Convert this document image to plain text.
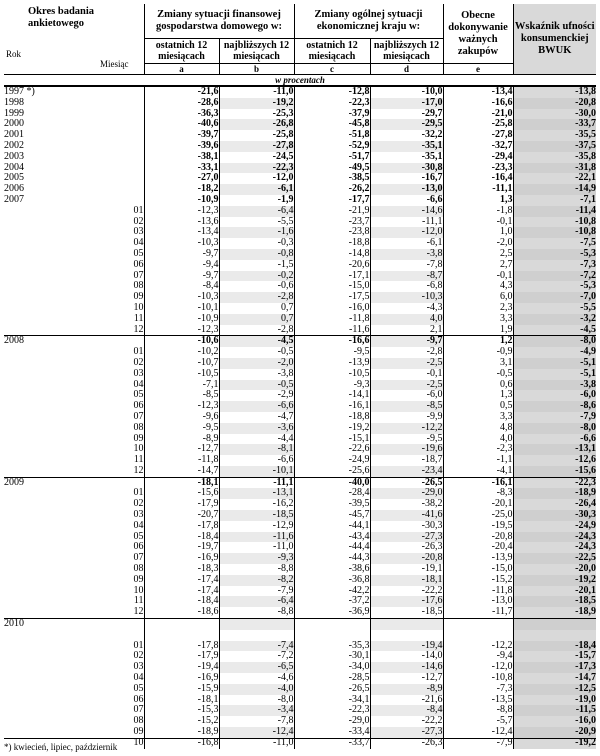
Okres badania ankietowego
Rok
Miesiąc	Zmiany sytuacji finansowej gospodarstwa domowego w:		Zmiany ogólnej sytuacji ekonomicznej kraju w:		Obecne dokonywanie ważnych zakupów	Wskaźnik ufności konsumenckiej BWUK
	ostatnich 12 miesiącach	najbliższych 12 miesiącach	ostatnich 12 miesiącach	najbliższych 12 miesiącach		
	a	b	c	d	e	
w procentach						
1997 *)	-21,6	-11,0	-12,8	-10,0	-13,4	-13,8
1998	-28,6	-19,2	-22,3	-17,0	-16,6	-20,8
1999	-36,3	-25,3	-37,9	-29,7	-21,0	-30,0
2000	-40,6	-26,8	-45,8	-29,5	-25,8	-33,7
2001	-39,7	-25,8	-51,8	-32,2	-27,8	-35,5
2002	-39,6	-27,8	-52,9	-35,1	-32,7	-37,5
2003	-38,1	-24,5	-51,7	-35,1	-29,4	-35,8
2004	-33,1	-22,3	-49,5	-30,8	-23,3	-31,8
2005	-27,0	-12,0	-38,5	-16,7	-16,4	-22,1
2006	-18,2	-6,1	-26,2	-13,0	-11,1	-14,9
2007	-10,9	-1,9	-17,7	-6,6	1,3	-7,1
01	-12,3	-6,4	-21,9	-14,6	-1,8	-11,4
02	-13,6	-5,5	-23,7	-11,1	-0,1	-10,8
03	-13,4	-1,6	-23,8	-12,0	1,0	-10,8
04	-10,3	-0,3	-18,8	-6,1	-2,0	-7,5
05	-9,7	-0,8	-14,8	-3,8	2,5	-5,3
06	-9,4	-1,5	-20,6	-7,8	2,7	-7,3
07	-9,7	-0,2	-17,1	-8,7	-0,1	-7,2
08	-8,4	-0,6	-15,0	-6,8	4,3	-5,3
09	-10,3	-2,8	-17,5	-10,3	6,0	-7,0
10	-10,1	0,7	-16,0	-4,3	2,3	-5,5
11	-10,9	0,7	-11,8	4,0	3,3	-3,2
12	-12,3	-2,8	-11,6	2,1	1,9	-4,5
2008	-10,6	-4,5	-16,6	-9,7	1,2	-8,0
01	-10,2	-0,5	-9,5	-2,8	-0,9	-4,9
02	-10,7	-2,0	-13,9	-2,5	3,1	-5,1
03	-10,5	-3,8	-10,5	-0,1	-0,5	-5,1
04	-7,1	-0,5	-9,3	-2,5	0,6	-3,8
05	-8,5	-2,9	-14,1	-6,0	1,3	-6,0
06	-12,3	-6,6	-16,1	-8,5	0,5	-8,6
07	-9,6	-4,7	-18,8	-9,9	3,3	-7,9
08	-9,5	-3,6	-19,2	-12,2	4,8	-8,0
09	-8,9	-4,4	-15,1	-9,5	4,0	-6,6
10	-12,7	-8,1	-22,6	-19,6	-2,3	-13,1
11	-11,8	-6,6	-24,9	-18,7	-1,1	-12,6
12	-14,7	-10,1	-25,6	-23,4	-4,1	-15,6
2009	-18,1	-11,1	-40,0	-26,5	-16,1	-22,3
01	-15,6	-13,1	-28,4	-29,0	-8,3	-18,9
02	-17,9	-16,2	-39,5	-38,2	-20,1	-26,4
03	-20,7	-18,5	-45,7	-41,6	-25,0	-30,3
04	-17,8	-12,9	-44,1	-30,3	-19,5	-24,9
05	-18,4	-11,6	-43,4	-27,3	-20,8	-24,3
06	-19,7	-11,0	-44,4	-26,3	-20,4	-24,3
07	-16,9	-9,3	-44,3	-20,8	-13,9	-22,5
08	-18,3	-8,8	-38,6	-19,1	-15,0	-20,0
09	-17,4	-8,2	-36,8	-18,1	-15,2	-19,2
10	-17,4	-7,9	-42,2	-22,2	-11,8	-20,1
11	-18,4	-6,4	-37,2	-17,6	-13,0	-18,5
12	-18,6	-8,8	-36,9	-18,5	-11,7	-18,9
2010						

01	-17,8	-7,4	-35,3	-19,4	-12,2	-18,4
02	-17,9	-7,2	-30,1	-14,0	-9,4	-15,7
03	-19,4	-6,5	-34,0	-14,6	-12,0	-17,3
04	-16,9	-4,6	-28,5	-12,7	-10,8	-14,7
05	-15,9	-4,0	-26,5	-8,9	-7,3	-12,5
06	-18,1	-8,0	-34,1	-21,6	-13,5	-19,0
07	-15,3	-3,4	-22,3	-8,4	-8,8	-11,5
08	-15,2	-7,8	-29,0	-22,2	-5,7	-16,0
09	-18,9	-12,4	-33,4	-27,3	-12,4	-20,9
10	-16,8	-11,0	-33,7	-26,3	-7,9	-19,2
*) kwiecień, lipiec, październik
